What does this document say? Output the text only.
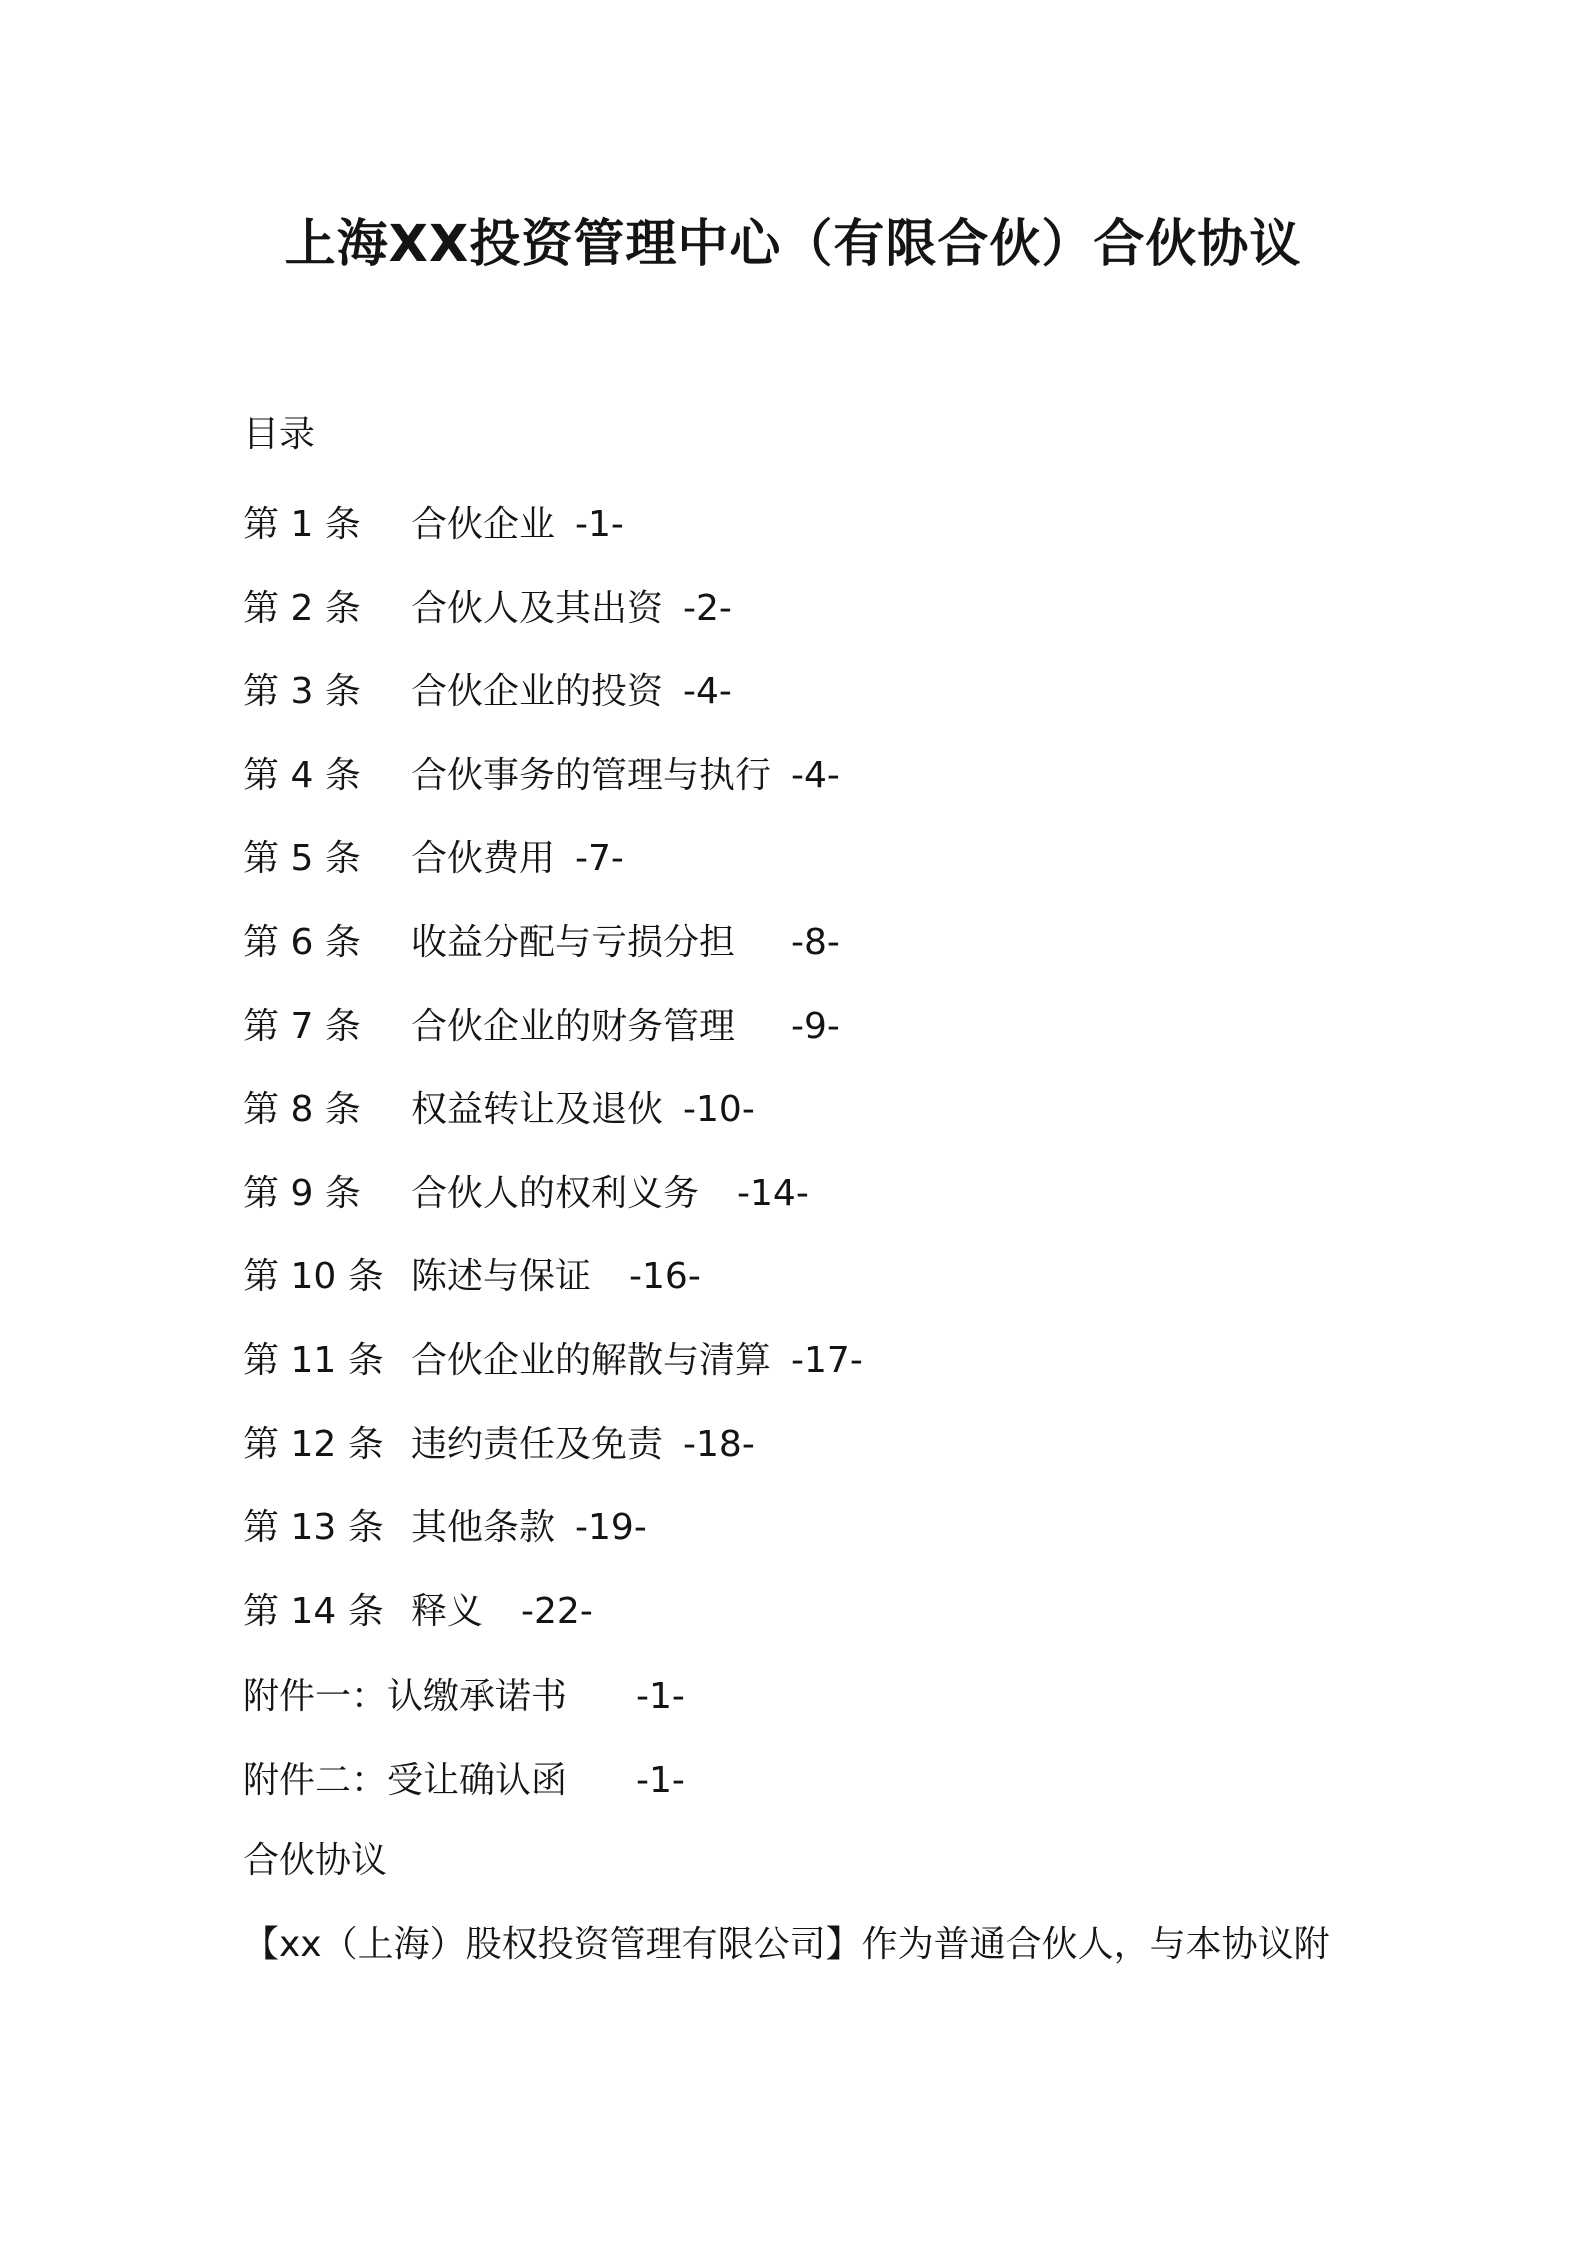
上海XX投资管理中心（有限合伙）合伙协议
目录
第 1 条 合伙企业 -1-
第 2 条 合伙人及其出资 -2-
第 3 条 合伙企业的投资 -4-
第 4 条 合伙事务的管理与执行 -4-
第 5 条 合伙费用 -7-
第 6 条 收益分配与亏损分担 -8-
第 7 条 合伙企业的财务管理 -9-
第 8 条 权益转让及退伙 -10-
第 9 条 合伙人的权利义务 -14-
第 10 条 陈述与保证 -16-
第 11 条 合伙企业的解散与清算 -17-
第 12 条 违约责任及免责 -18-
第 13 条 其他条款 -19-
第 14 条 释义 -22-
附件一：认缴承诺书 -1-
附件二：受让确认函 -1-
合伙协议
【xx（上海）股权投资管理有限公司】作为普通合伙人，与本协议附
